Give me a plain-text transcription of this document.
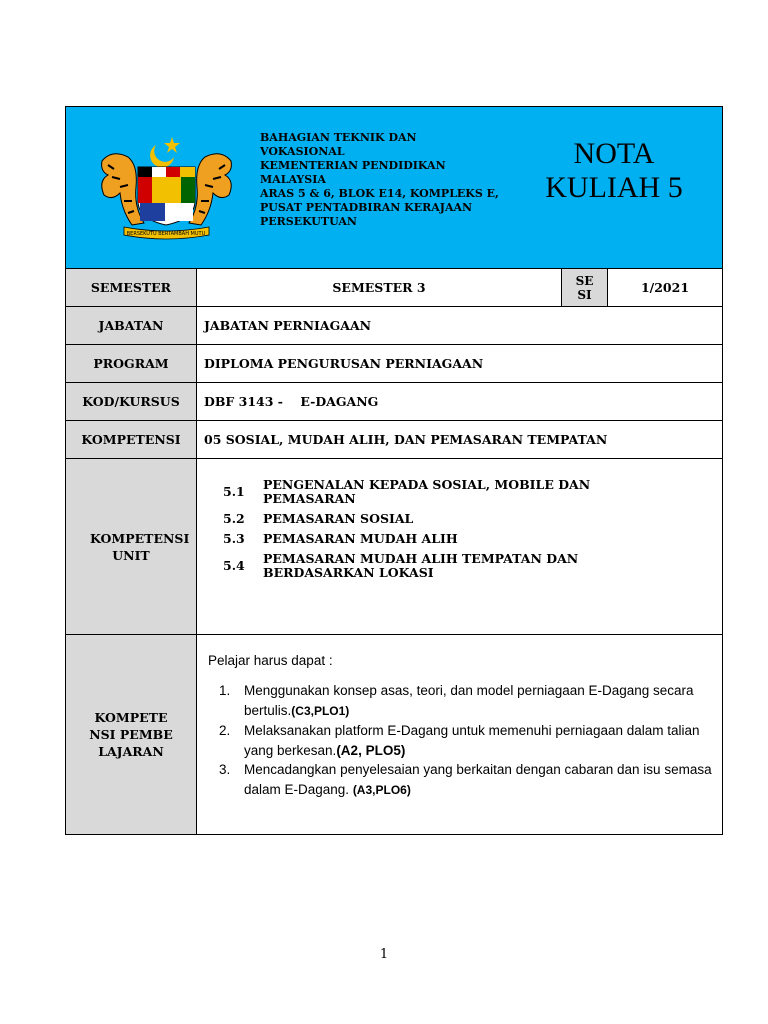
BERSEKUTU BERTAMBAH MUTU
BAHAGIAN TEKNIK DAN
VOKASIONAL
KEMENTERIAN PENDIDIKAN
MALAYSIA
ARAS 5 & 6, BLOK E14, KOMPLEKS E,
PUSAT PENTADBIRAN KERAJAAN
PERSEKUTUAN
NOTA
KULIAH 5
SEMESTER	SEMESTER 3	SESI	1/2021
JABATAN	JABATAN PERNIAGAAN
PROGRAM	DIPLOMA PENGURUSAN PERNIAGAAN
KOD/KURSUS	DBF 3143 -    E-DAGANG
KOMPETENSI	05 SOSIAL, MUDAH ALIH, DAN PEMASARAN TEMPATAN
KOMPETENSI UNIT
5.1	PENGENALAN KEPADA SOSIAL, MOBILE DAN PEMASARAN
5.2	PEMASARAN SOSIAL
5.3	PEMASARAN MUDAH ALIH
5.4	PEMASARAN MUDAH ALIH TEMPATAN DAN BERDASARKAN LOKASI
KOMPETENSI PEMBELAJARAN
Pelajar harus dapat :
1.	Menggunakan konsep asas, teori, dan model perniagaan E-Dagang secara bertulis.(C3,PLO1)
2.	Melaksanakan platform E-Dagang untuk memenuhi perniagaan dalam talian yang berkesan.(A2, PLO5)
3.	Mencadangkan penyelesaian yang berkaitan dengan cabaran dan isu semasa dalam E-Dagang. (A3,PLO6)
1
